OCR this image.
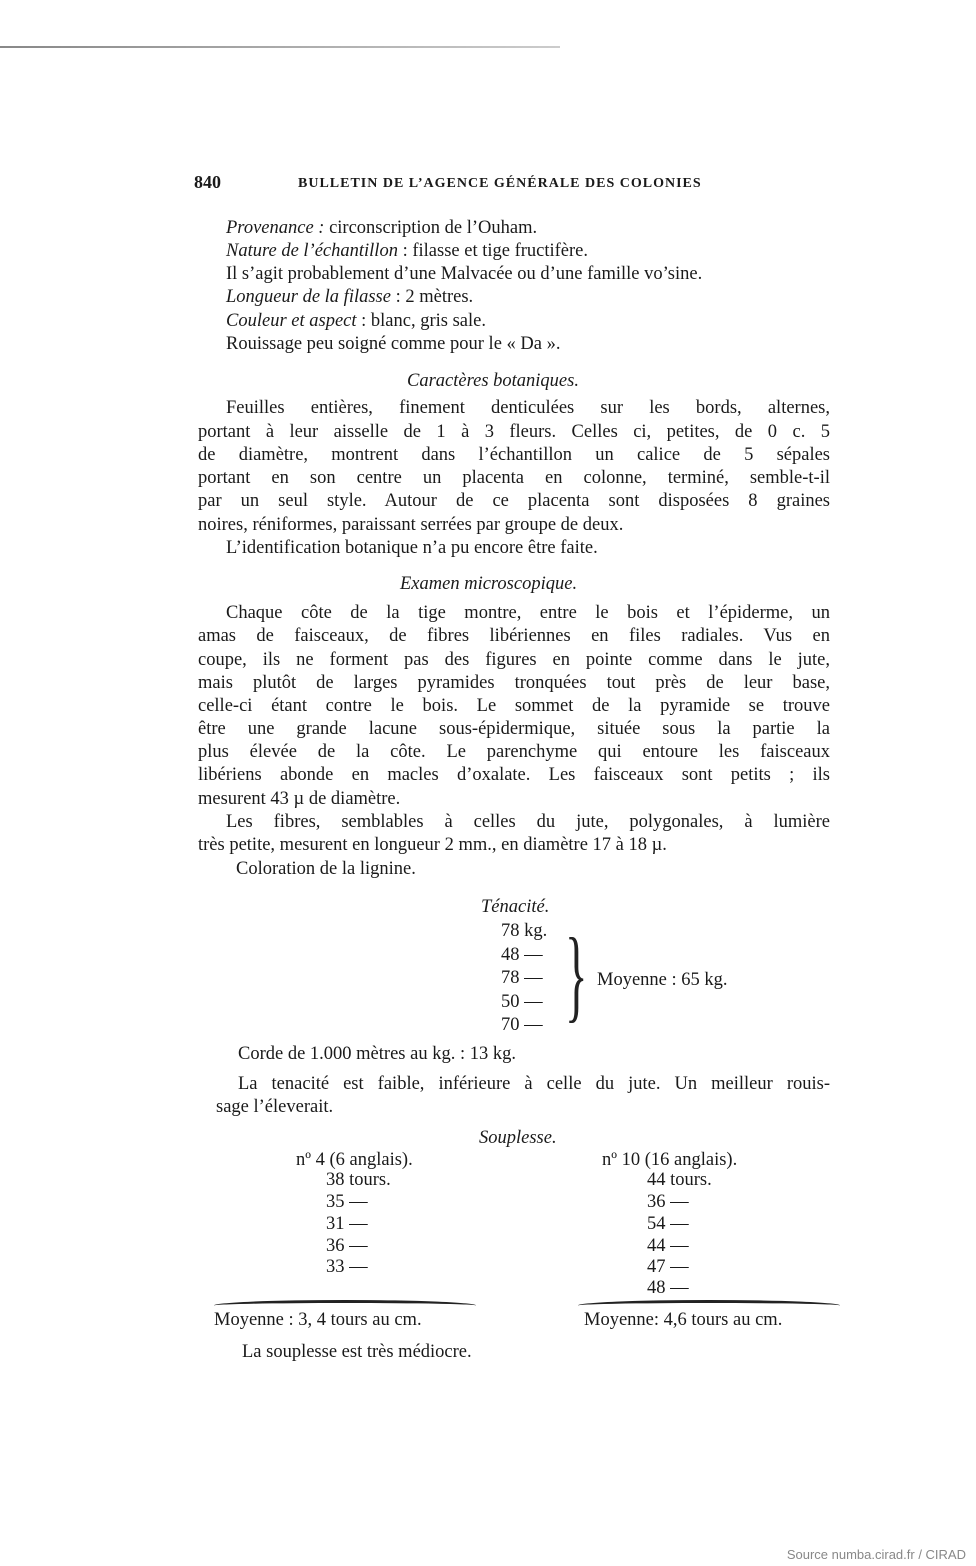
840	BULLETIN DE L’AGENCE GÉNÉRALE DES COLONIES
Provenance : circonscription de l’Ouham.
Nature de l’échantillon : filasse et tige fructifère.
Il s’agit probablement d’une Malvacée ou d’une famille vo’sine.
Longueur de la filasse : 2 mètres.
Couleur et aspect : blanc, gris sale.
Rouissage peu soigné comme pour le « Da ».
Caractères botaniques.
Feuilles entières, finement denticulées sur les bords, alternes,
portant à leur aisselle de 1 à 3 fleurs. Celles ci, petites, de 0 c. 5
de diamètre, montrent dans l’échantillon un calice de 5 sépales
portant en son centre un placenta en colonne, terminé, semble-t-il
par un seul style. Autour de ce placenta sont disposées 8 graines
noires, réniformes, paraissant serrées par groupe de deux.
L’identification botanique n’a pu encore être faite.
Examen microscopique.
Chaque côte de la tige montre, entre le bois et l’épiderme, un
amas de faisceaux, de fibres libériennes en files radiales. Vus en
coupe, ils ne forment pas des figures en pointe comme dans le jute,
mais plutôt de larges pyramides tronquées tout près de leur base,
celle-ci étant contre le bois. Le sommet de la pyramide se trouve
être une grande lacune sous-épidermique, située sous la partie la
plus élevée de la côte. Le parenchyme qui entoure les faisceaux
libériens abonde en macles d’oxalate. Les faisceaux sont petits ; ils
mesurent 43 µ de diamètre.
Les fibres, semblables à celles du jute, polygonales, à lumière
très petite, mesurent en longueur 2 mm., en diamètre 17 à 18 µ.
Coloration de la lignine.
Ténacité.
78 kg.
48 —
78 —
50 —
70 — } Moyenne : 65 kg.
Corde de 1.000 mètres au kg. : 13 kg.
La tenacité est faible, inférieure à celle du jute. Un meilleur rouis-
sage l’éleverait.
Souplesse.
nº 4 (6 anglais).
38 tours.
35 —
31 —
36 —
33 —
Moyenne : 3, 4 tours au cm.
nº 10 (16 anglais).
44 tours.
36 —
54 —
44 —
47 —
48 —
Moyenne: 4,6 tours au cm.
La souplesse est très médiocre.
Source numba.cirad.fr / CIRAD
